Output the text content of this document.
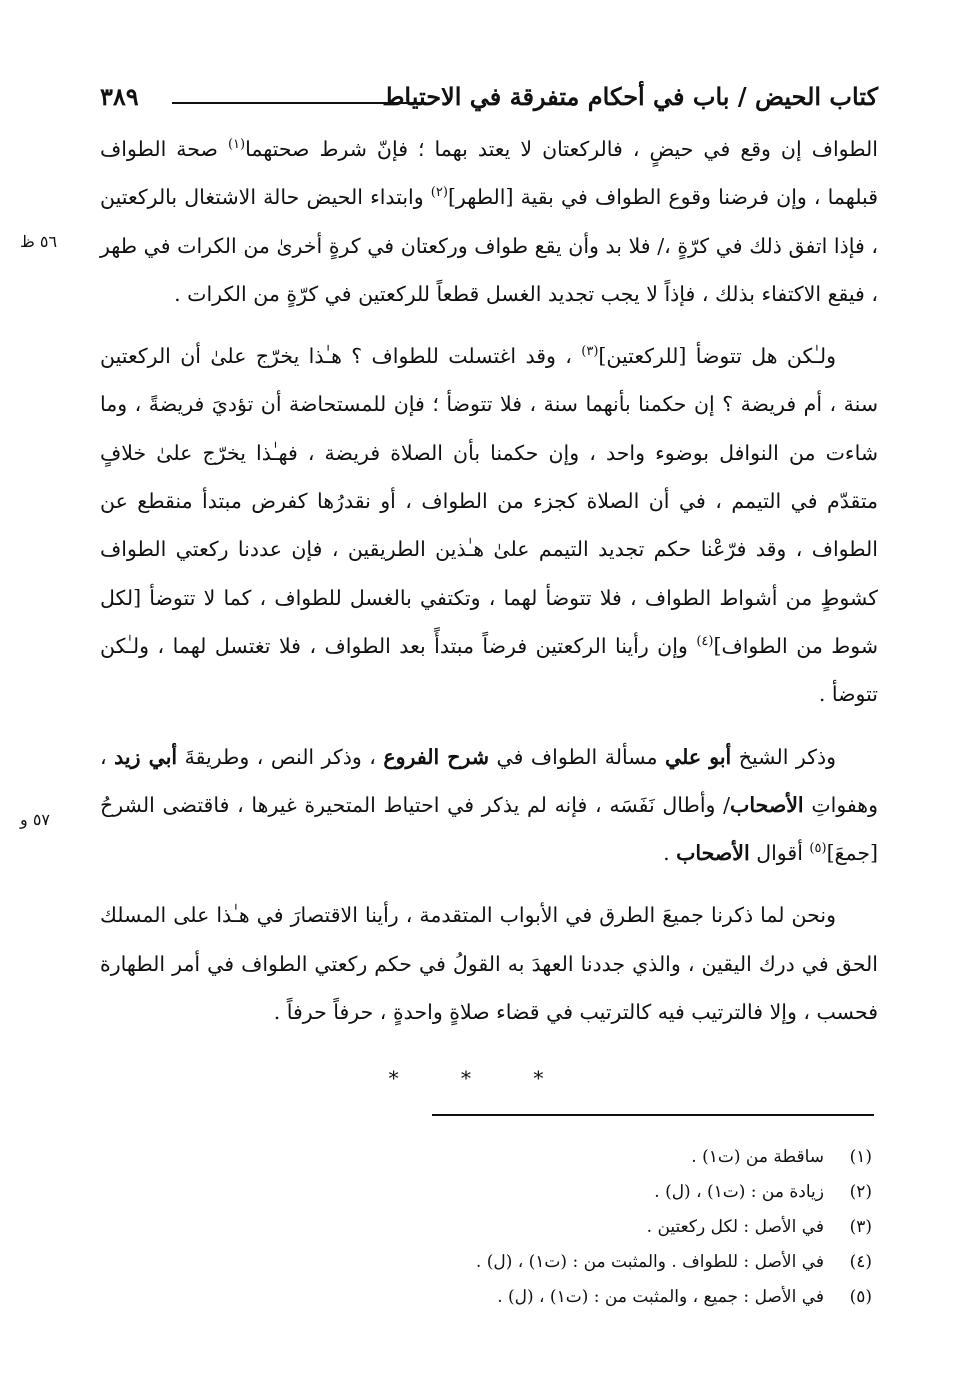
كتاب الحيض / باب في أحكام متفرقة في الاحتياط
٣٨٩
٥٦ ظ
٥٧ و

الطواف إن وقع في حيضٍ ، فالركعتان لا يعتد بهما ؛ فإنّ شرط صحتهما$^{(١)}$ صحة الطواف قبلهما ، وإن فرضنا وقوع الطواف في بقية [الطهر]$^{(٢)}$ وابتداء الحيض حالة الاشتغال بالركعتين ، فإذا اتفق ذلك في كرّةٍ ،/ فلا بد وأن يقع طواف وركعتان في كرةٍ أخرىٰ من الكرات في طهر ، فيقع الاكتفاء بذلك ، فإذاً لا يجب تجديد الغسل قطعاً للركعتين في كرّةٍ من الكرات .

ولـٰكن هل تتوضأ [للركعتين]$^{(٣)}$ ، وقد اغتسلت للطواف ؟ هـٰذا يخرّج علىٰ أن الركعتين سنة ، أم فريضة ؟ إن حكمنا بأنهما سنة ، فلا تتوضأ ؛ فإن للمستحاضة أن تؤديَ فريضةً ، وما شاءت من النوافل بوضوء واحد ، وإن حكمنا بأن الصلاة فريضة ، فهـٰذا يخرّج علىٰ خلافٍ متقدّم في التيمم ، في أن الصلاة كجزء من الطواف ، أو نقدرُها كفرض مبتدأ منقطع عن الطواف ، وقد فرّعْنا حكم تجديد التيمم علىٰ هـٰذين الطريقين ، فإن عددنا ركعتي الطواف كشوطٍ من أشواط الطواف ، فلا تتوضأ لهما ، وتكتفي بالغسل للطواف ، كما لا تتوضأ [لكل شوط من الطواف]$^{(٤)}$ وإن رأينا الركعتين فرضاً مبتدأً بعد الطواف ، فلا تغتسل لهما ، ولـٰكن تتوضأ .

وذكر الشيخ أبو علي مسألة الطواف في شرح الفروع ، وذكر النص ، وطريقةَ أبي زيد ، وهفواتِ الأصحاب/ وأطال نَفَسَه ، فإنه لم يذكر في احتياط المتحيرة غيرها ، فاقتضى الشرحُ [جمعَ]$^{(٥)}$ أقوال الأصحاب .

ونحن لما ذكرنا جميعَ الطرق في الأبواب المتقدمة ، رأينا الاقتصارَ في هـٰذا على المسلك الحق في درك اليقين ، والذي جددنا العهدَ به القولُ في حكم ركعتي الطواف في أمر الطهارة فحسب ، وإلا فالترتيب فيه كالترتيب في قضاء صلاةٍ واحدةٍ ، حرفاً حرفاً .

* * *
(١)ساقطة من (ت١) .
(٢)زيادة من : (ت١) ، (ل) .
(٣)في الأصل : لكل ركعتين .
(٤)في الأصل : للطواف . والمثبت من : (ت١) ، (ل) .
(٥)في الأصل : جميع ، والمثبت من : (ت١) ، (ل) .
